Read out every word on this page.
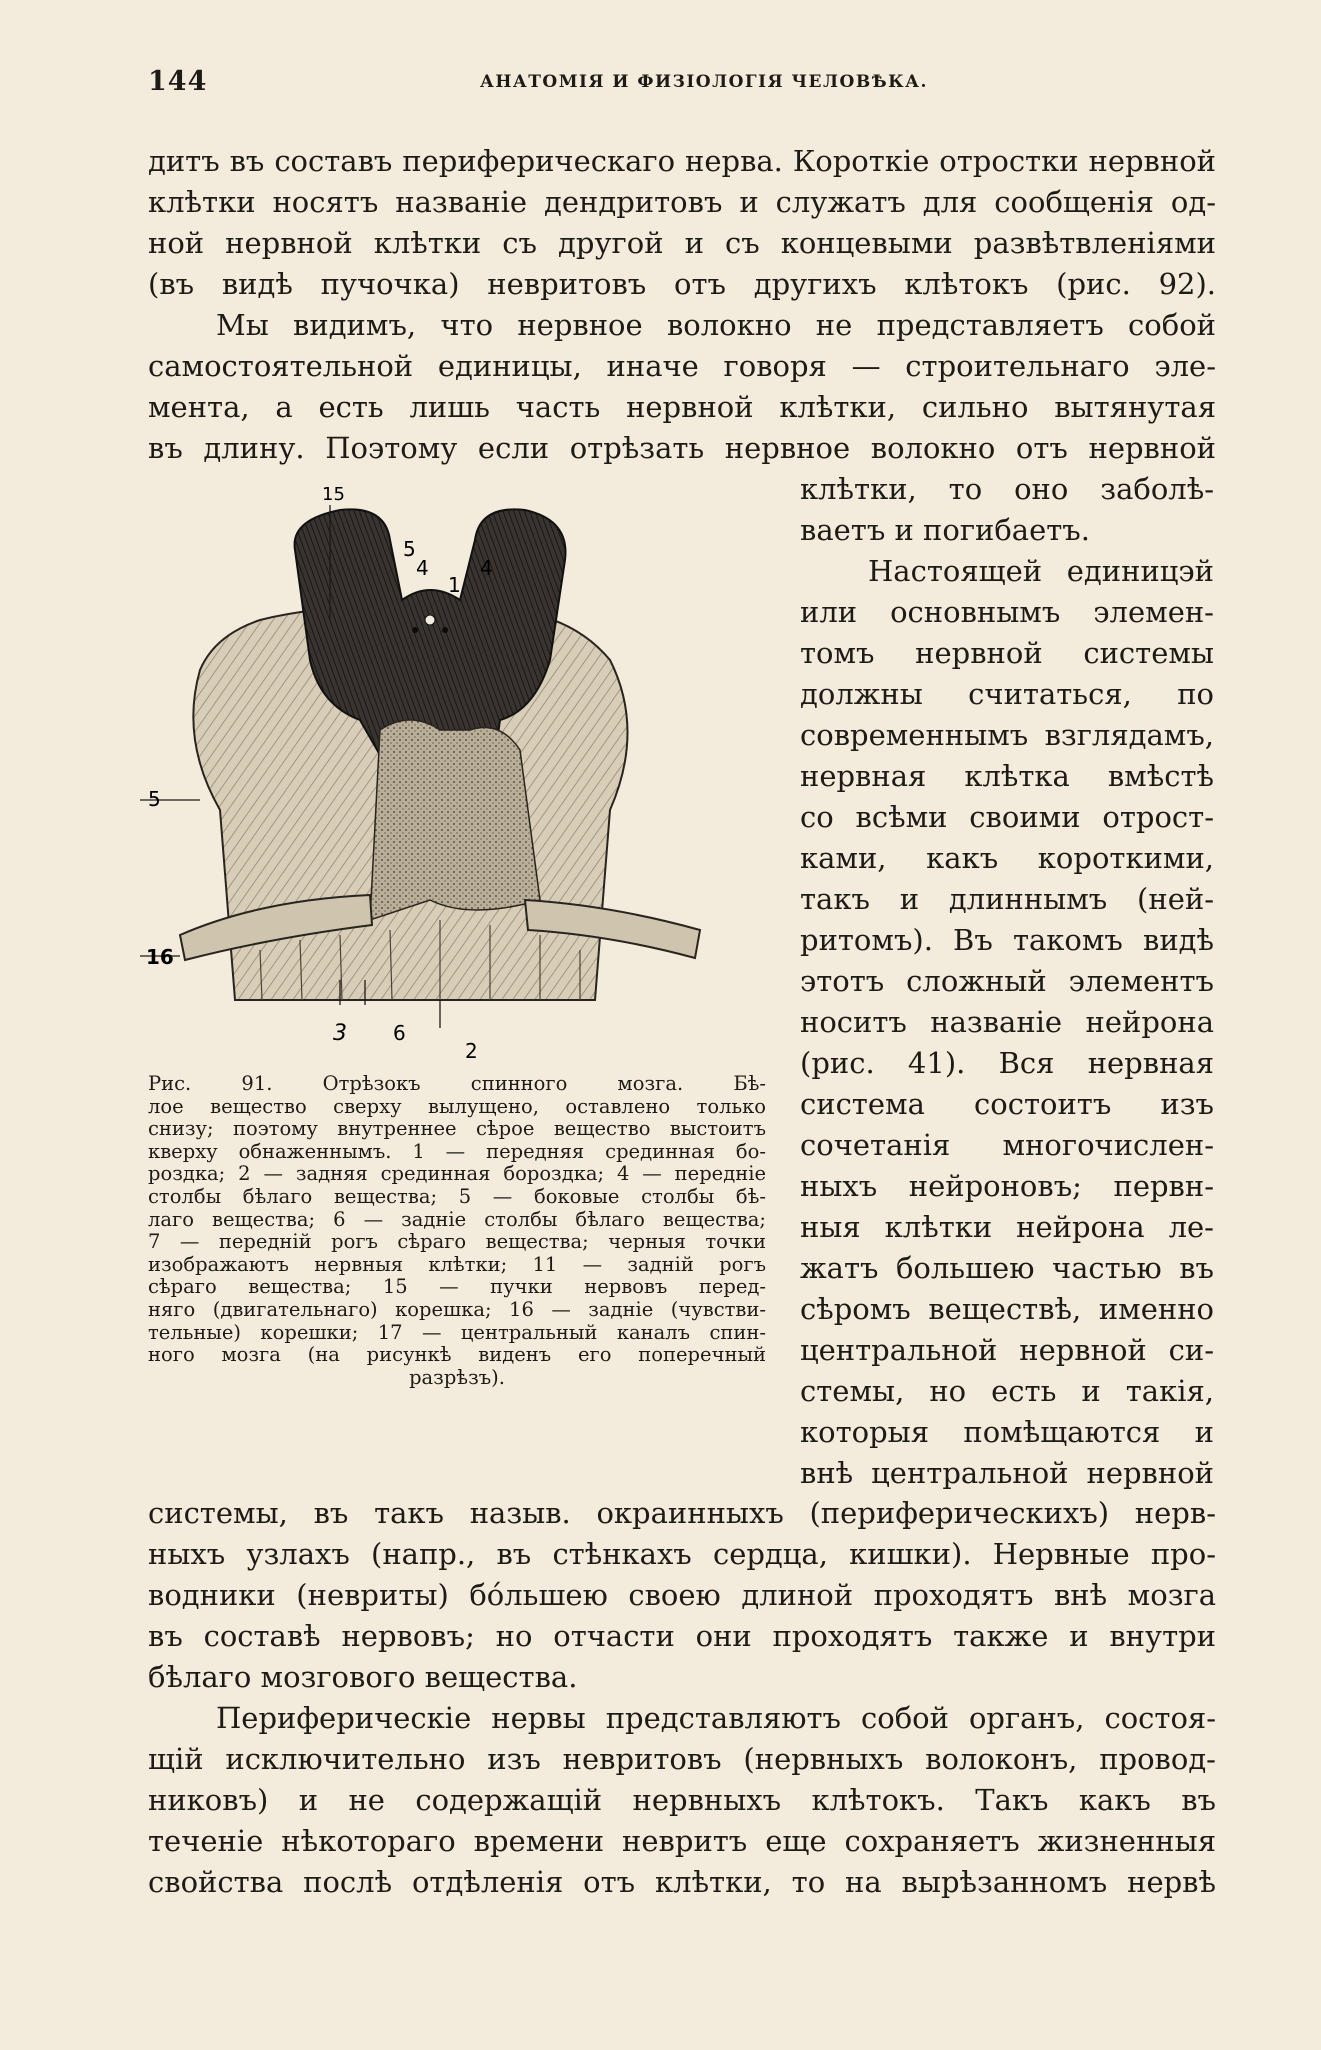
144	АНАТОМІЯ И ФИЗІОЛОГІЯ ЧЕЛОВѢКА.
дитъ въ составъ периферическаго нерва. Короткіе отростки нервной
клѣтки носятъ названіе дендритовъ и служатъ для сообщенія од-
ной нервной клѣтки съ другой и съ концевыми развѣтвленіями
(въ видѣ пучочка) невритовъ отъ другихъ клѣтокъ (рис. 92).
Мы видимъ, что нервное волокно не представляетъ собой
самостоятельной единицы, иначе говоря — строительнаго эле-
мента, а есть лишь часть нервной клѣтки, сильно вытянутая
въ длину. Поэтому если отрѣзать нервное волокно отъ нервной
клѣтки, то оно заболѣ-
ваетъ и погибаетъ.
Настоящей единицэй
или основнымъ элемен-
томъ нервной системы
должны считаться, по
современнымъ взглядамъ,
нервная клѣтка вмѣстѣ
со всѣми своими отрост-
ками, какъ короткими,
такъ и длиннымъ (ней-
ритомъ). Въ такомъ видѣ
этотъ сложный элементъ
носитъ названіе нейрона
(рис. 41). Вся нервная
система состоитъ изъ
сочетанія многочислен-
ныхъ нейроновъ; первн-
ныя клѣтки нейрона ле-
жатъ большею частью въ
сѣромъ веществѣ, именно
центральной нервной си-
стемы, но есть и такія,
которыя помѣщаются и
внѣ центральной нервной
15
5
4	4
1
5
16
3 6
2
Рис. 91. Отрѣзокъ спинного мозга. Бѣ-
лое вещество сверху вылущено, оставлено только
снизу; поэтому внутреннее сѣрое вещество выстоитъ
кверху обнаженнымъ. 1 — передняя срединная бо-
роздка; 2 — задняя срединная бороздка; 4 — передніе
столбы бѣлаго вещества; 5 — боковые столбы бѣ-
лаго вещества; 6 — задніе столбы бѣлаго вещества;
7 — передній рогъ сѣраго вещества; черныя точки
изображаютъ нервныя клѣтки; 11 — задній рогъ
сѣраго вещества; 15 — пучки нервовъ перед-
няго (двигательнаго) корешка; 16 — задніе (чувстви-
тельные) корешки; 17 — центральный каналъ спин-
ного мозга (на рисункѣ виденъ его поперечный
разрѣзъ).
системы, въ такъ назыв. окраинныхъ (периферическихъ) нерв-
ныхъ узлахъ (напр., въ стѣнкахъ сердца, кишки). Нервные про-
водники (невриты) бóльшею своею длиной проходятъ внѣ мозга
въ составѣ нервовъ; но отчасти они проходятъ также и внутри
бѣлаго мозгового вещества.
Периферическіе нервы представляютъ собой органъ, состоя-
щій исключительно изъ невритовъ (нервныхъ волоконъ, провод-
никовъ) и не содержащій нервныхъ клѣтокъ. Такъ какъ въ
теченіе нѣкотораго времени невритъ еще сохраняетъ жизненныя
свойства послѣ отдѣленія отъ клѣтки, то на вырѣзанномъ нервѣ
